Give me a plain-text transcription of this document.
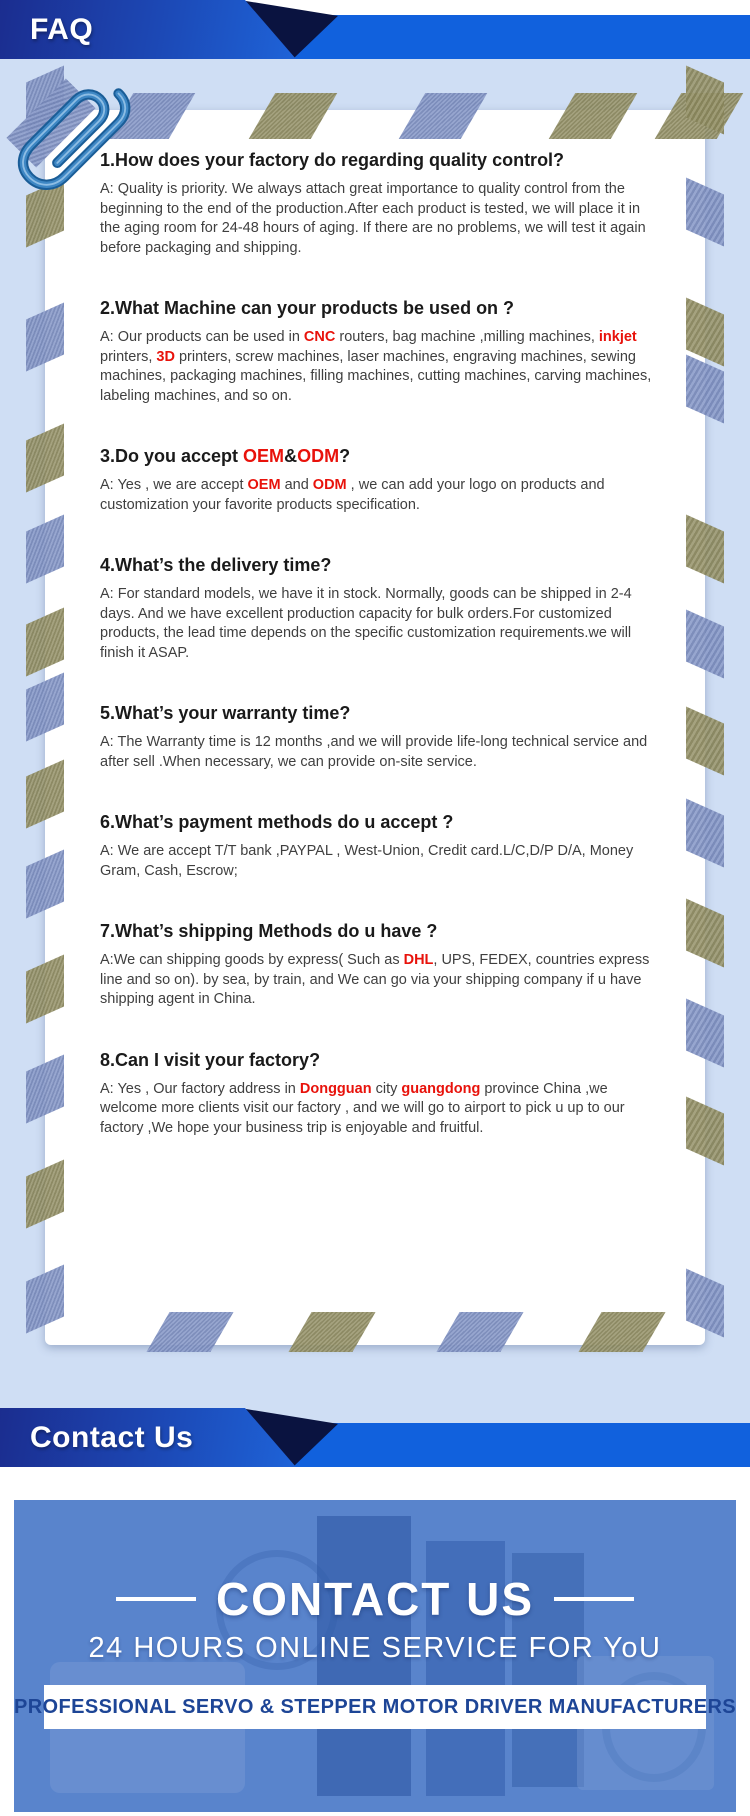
FAQ
1.How does your factory do regarding quality control?

A: Quality is priority. We always attach great importance to quality control from the beginning to the end of the production.After each product is tested, we will place it in the aging room for 24-48 hours of aging. If there are no problems, we will test it again before packaging and shipping.

2.What Machine can your products be used on ?

A: Our products can be used in CNC routers, bag machine ,milling machines, inkjet printers, 3D printers, screw machines, laser machines, engraving machines, sewing machines, packaging machines, filling machines, cutting machines, carving machines, labeling machines, and so on.

3.Do you accept OEM&ODM?

A: Yes , we are accept OEM and ODM , we can add your logo on products and customization your favorite products specification.

4.What’s the delivery time?

A: For standard models, we have it in stock. Normally, goods can be shipped in 2-4 days. And we have excellent production capacity for bulk orders.For customized products, the lead time depends on the specific customization requirements.we will finish it ASAP.

5.What’s your warranty time?

A: The Warranty time is 12 months ,and we will provide life-long technical service and after sell .When necessary, we can provide on-site service.

6.What’s payment methods do u accept ?

A: We are accept T/T bank ,PAYPAL , West-Union, Credit card.L/C,D/P D/A, Money Gram, Cash, Escrow;

7.What’s shipping Methods do u have ?

A:We can shipping goods by express( Such as DHL, UPS, FEDEX, countries express line and so on). by sea, by train, and We can go via your shipping company if u have shipping agent in China.

8.Can I visit your factory?

A: Yes , Our factory address in Dongguan city guangdong province China ,we welcome more clients visit our factory , and we will go to airport to pick u up to our factory ,We hope your business trip is enjoyable and fruitful.

Contact Us
CONTACT US
24 HOURS ONLINE SERVICE FOR YoU
PROFESSIONAL SERVO & STEPPER MOTOR DRIVER MANUFACTURERS
